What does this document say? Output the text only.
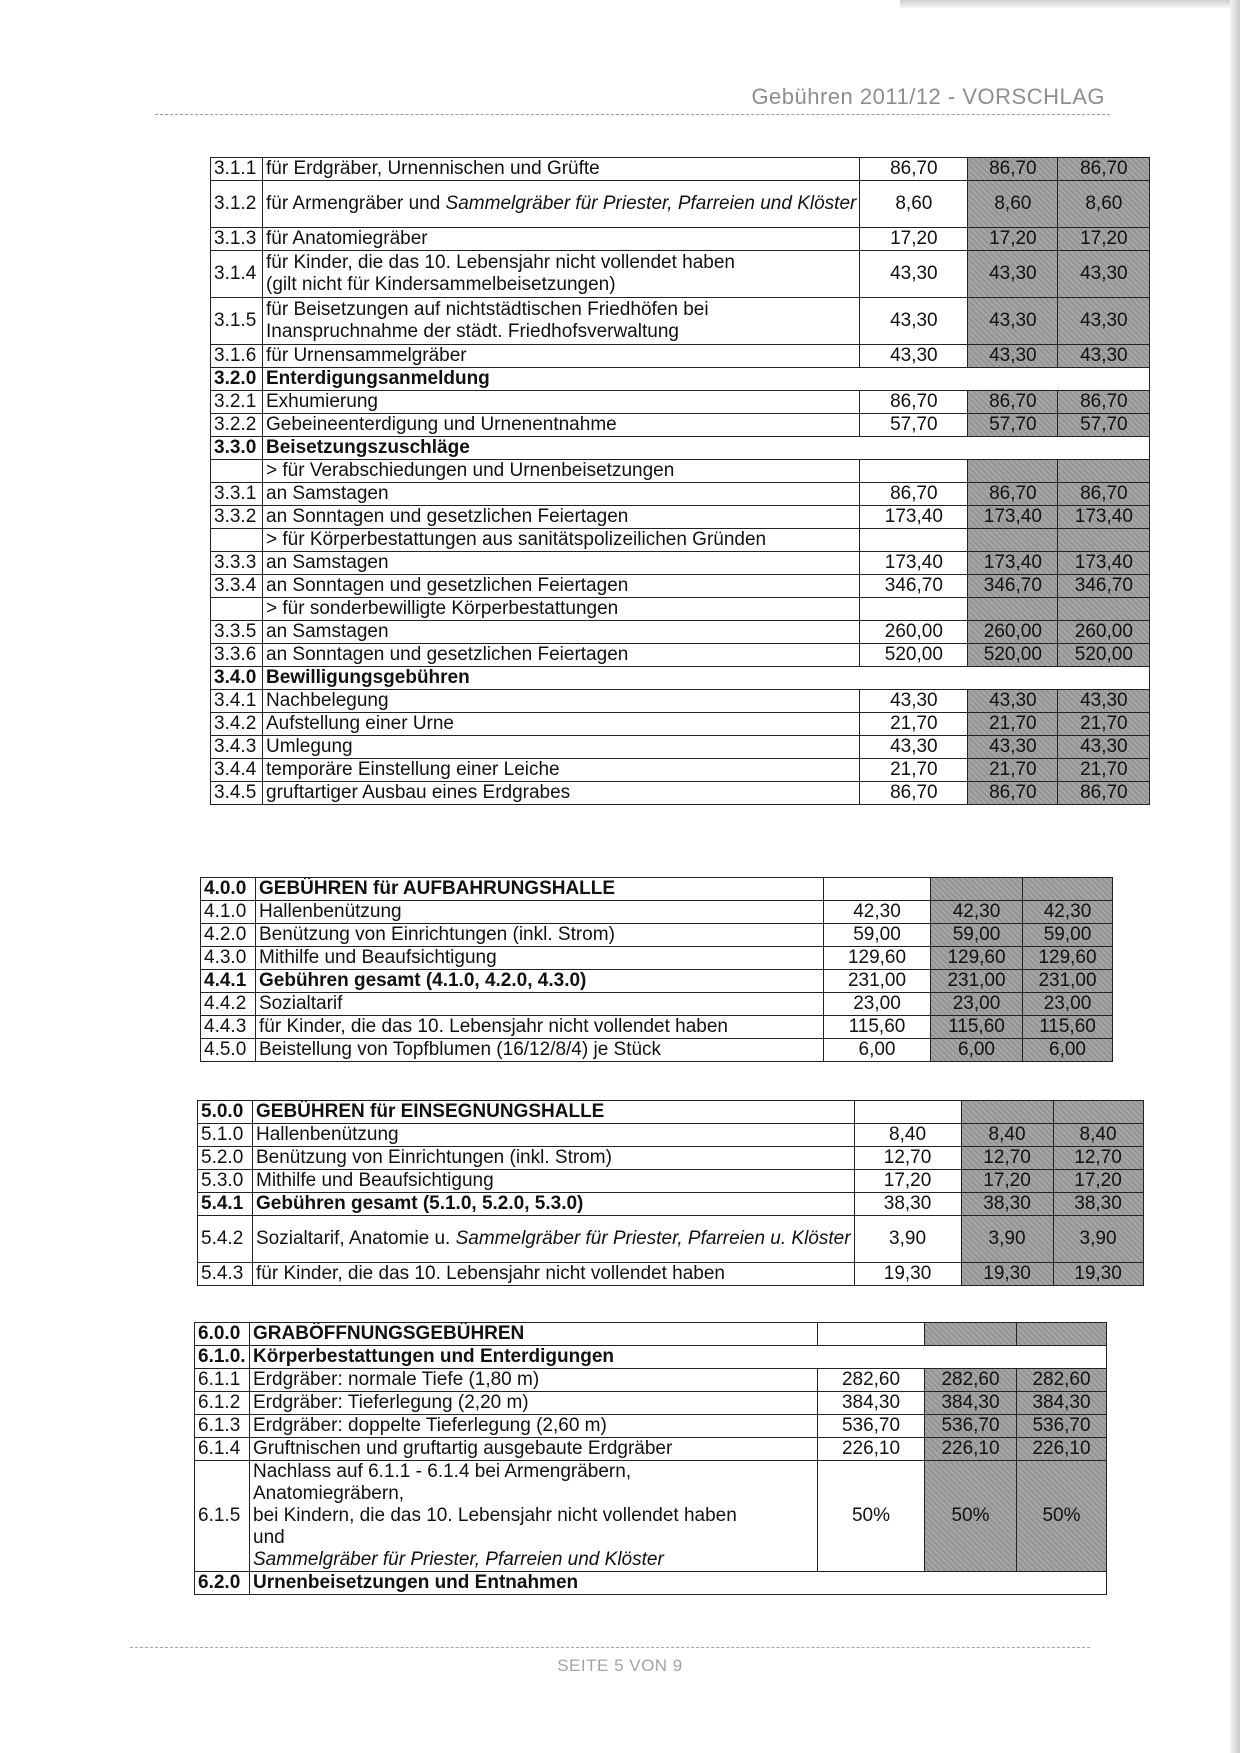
Gebühren 2011/12 - VORSCHLAG
3.1.1	für Erdgräber, Urnennischen und Grüfte	86,70	86,70	86,70
3.1.2	für Armengräber und Sammelgräber für Priester, Pfarreien und Klöster	8,60	8,60	8,60
3.1.3	für Anatomiegräber	17,20	17,20	17,20
3.1.4	für Kinder, die das 10. Lebensjahr nicht vollendet haben
(gilt nicht für Kindersammelbeisetzungen)	43,30	43,30	43,30
3.1.5	für Beisetzungen auf nichtstädtischen Friedhöfen bei
Inanspruchnahme der städt. Friedhofsverwaltung	43,30	43,30	43,30
3.1.6	für Urnensammelgräber	43,30	43,30	43,30
3.2.0	Enterdigungsanmeldung			
3.2.1	Exhumierung	86,70	86,70	86,70
3.2.2	Gebeineenterdigung und Urnenentnahme	57,70	57,70	57,70
3.3.0	Beisetzungszuschläge			
	> für Verabschiedungen und Urnenbeisetzungen			
3.3.1	an Samstagen	86,70	86,70	86,70
3.3.2	an Sonntagen und gesetzlichen Feiertagen	173,40	173,40	173,40
	> für Körperbestattungen aus sanitätspolizeilichen Gründen			
3.3.3	an Samstagen	173,40	173,40	173,40
3.3.4	an Sonntagen und gesetzlichen Feiertagen	346,70	346,70	346,70
	> für sonderbewilligte Körperbestattungen			
3.3.5	an Samstagen	260,00	260,00	260,00
3.3.6	an Sonntagen und gesetzlichen Feiertagen	520,00	520,00	520,00
3.4.0	Bewilligungsgebühren			
3.4.1	Nachbelegung	43,30	43,30	43,30
3.4.2	Aufstellung einer Urne	21,70	21,70	21,70
3.4.3	Umlegung	43,30	43,30	43,30
3.4.4	temporäre Einstellung einer Leiche	21,70	21,70	21,70
3.4.5	gruftartiger Ausbau eines Erdgrabes	86,70	86,70	86,70
4.0.0	GEBÜHREN für AUFBAHRUNGSHALLE			
4.1.0	Hallenbenützung	42,30	42,30	42,30
4.2.0	Benützung von Einrichtungen (inkl. Strom)	59,00	59,00	59,00
4.3.0	Mithilfe und Beaufsichtigung	129,60	129,60	129,60
4.4.1	Gebühren gesamt (4.1.0, 4.2.0, 4.3.0)	231,00	231,00	231,00
4.4.2	Sozialtarif	23,00	23,00	23,00
4.4.3	für Kinder, die das 10. Lebensjahr nicht vollendet haben	115,60	115,60	115,60
4.5.0	Beistellung von Topfblumen (16/12/8/4) je Stück	6,00	6,00	6,00
5.0.0	GEBÜHREN für EINSEGNUNGSHALLE			
5.1.0	Hallenbenützung	8,40	8,40	8,40
5.2.0	Benützung von Einrichtungen (inkl. Strom)	12,70	12,70	12,70
5.3.0	Mithilfe und Beaufsichtigung	17,20	17,20	17,20
5.4.1	Gebühren gesamt (5.1.0, 5.2.0, 5.3.0)	38,30	38,30	38,30
5.4.2	Sozialtarif, Anatomie u. Sammelgräber für Priester, Pfarreien u. Klöster	3,90	3,90	3,90
5.4.3	für Kinder, die das 10. Lebensjahr nicht vollendet haben	19,30	19,30	19,30
6.0.0	GRABÖFFNUNGSGEBÜHREN			
6.1.0.	Körperbestattungen und Enterdigungen			
6.1.1	Erdgräber: normale Tiefe (1,80 m)	282,60	282,60	282,60
6.1.2	Erdgräber: Tieferlegung (2,20 m)	384,30	384,30	384,30
6.1.3	Erdgräber: doppelte Tieferlegung (2,60 m)	536,70	536,70	536,70
6.1.4	Gruftnischen und gruftartig ausgebaute Erdgräber	226,10	226,10	226,10
6.1.5	Nachlass auf 6.1.1 - 6.1.4 bei Armengräbern,
Anatomiegräbern,
bei Kindern, die das 10. Lebensjahr nicht vollendet haben
und
Sammelgräber für Priester, Pfarreien und Klöster	50%	50%	50%
6.2.0	Urnenbeisetzungen und Entnahmen			
SEITE 5 VON 9
